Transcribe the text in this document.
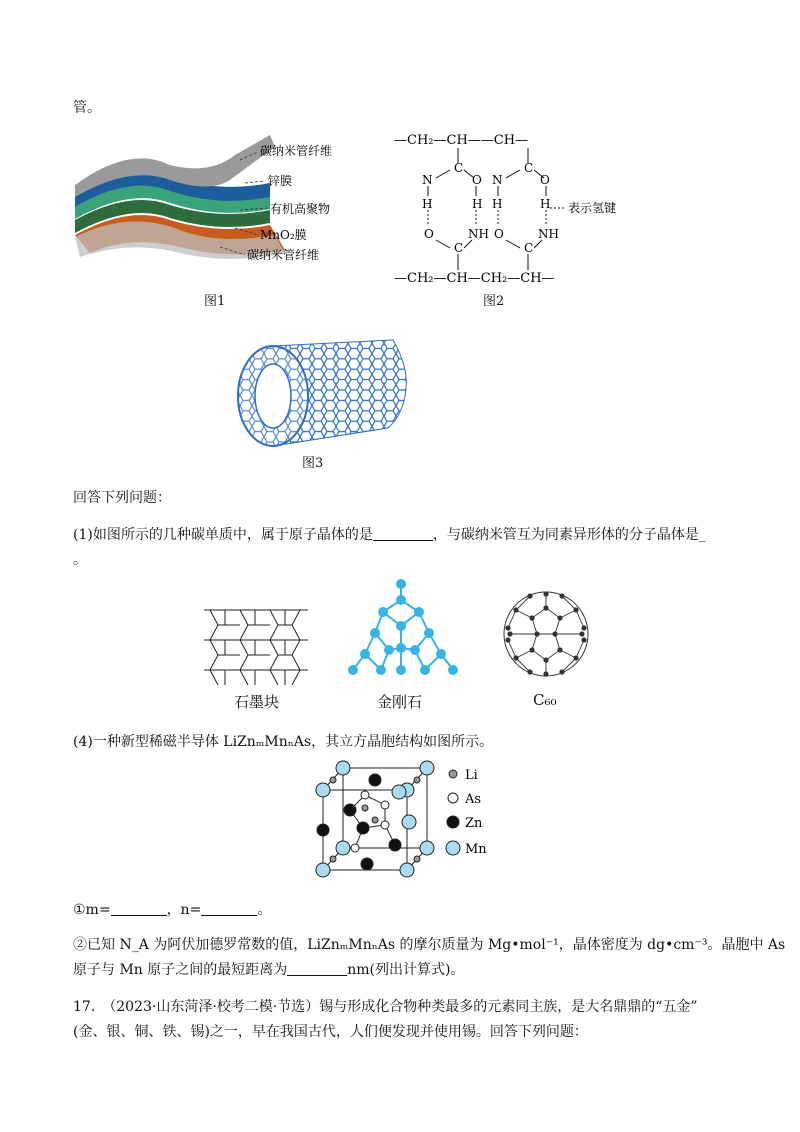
管。
碳纳米管纤维
锌膜
有机高聚物
MnO₂膜
碳纳米管纤维
图1
—CH₂—CH——CH—
—CH₂—CH—CH₂—CH—
C	C
N	O N	O
H	H
H	H
O	NH O	NH
C	C
表示氢键
图2
图3
回答下列问题：
(1)如图所示的几种碳单质中，属于原子晶体的是	，与碳纳米管互为同素异形体的分子晶体是_
。
石墨块	金刚石	C₆₀
(4)一种新型稀磁半导体 LiZnₘMnₙAs，其立方晶胞结构如图所示。
Li
As
Zn
Mn
①m=	，n=	。
②已知 N_A 为阿伏加德罗常数的值，LiZnₘMnₙAs 的摩尔质量为 Mg•mol⁻¹，晶体密度为 dg•cm⁻³。晶胞中 As
原子与 Mn 原子之间的最短距离为	nm(列出计算式)。
17.　（2023·山东菏泽·校考二模·节选）锡与形成化合物种类最多的元素同主族，是大名鼎鼎的“五金”
(金、银、铜、铁、锡)之一，早在我国古代，人们便发现并使用锡。回答下列问题：
